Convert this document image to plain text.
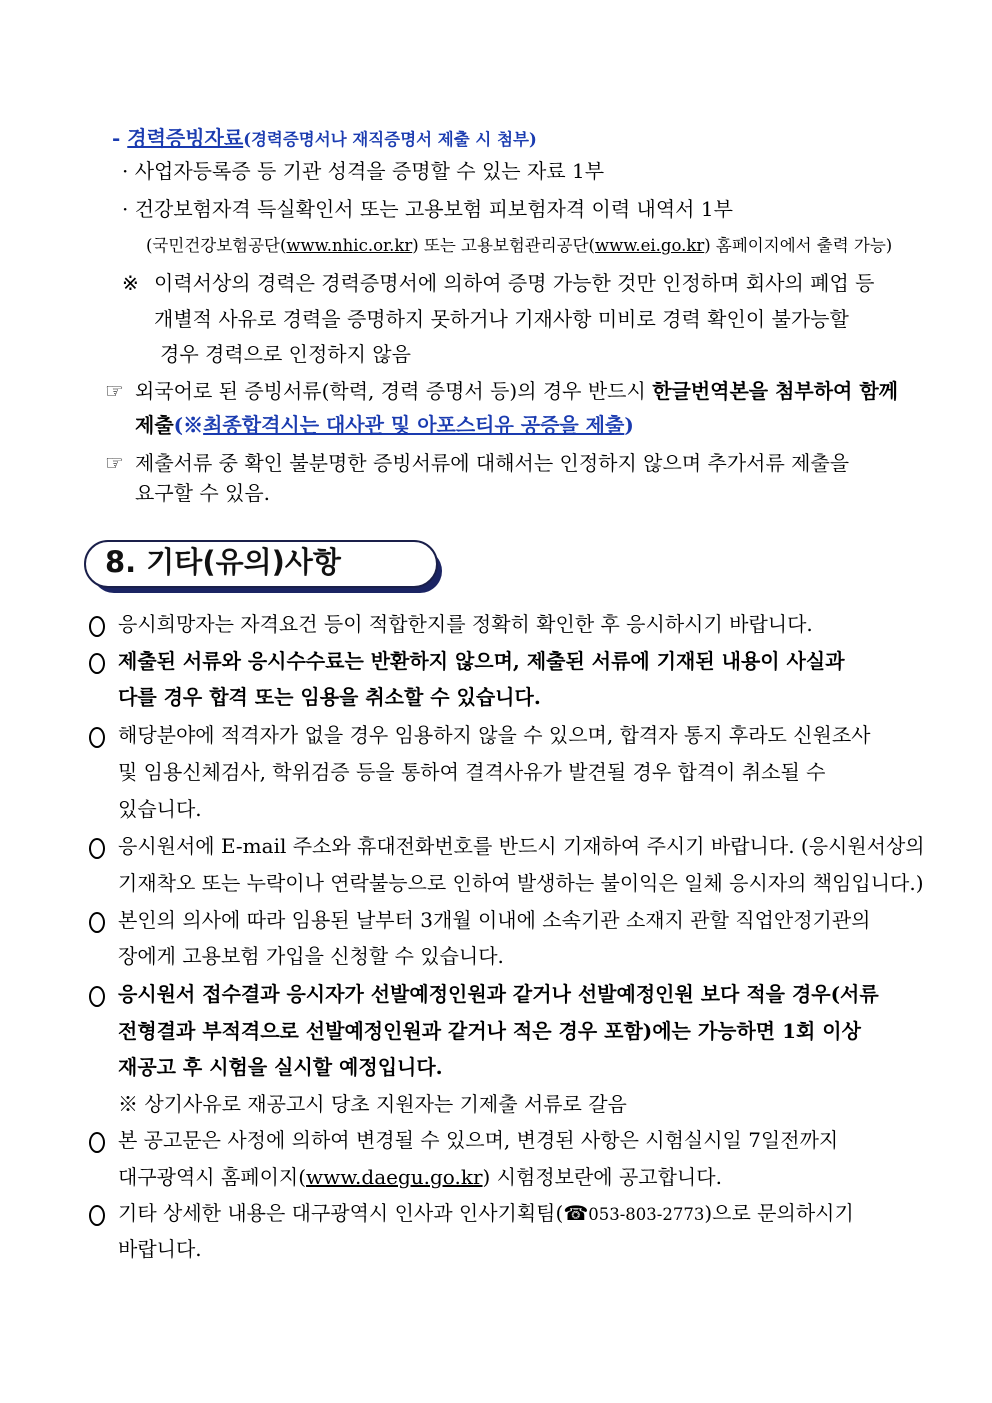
- 경력증빙자료(경력증명서나 재직증명서 제출 시 첨부)
· 사업자등록증 등 기관 성격을 증명할 수 있는 자료 1부
· 건강보험자격 득실확인서 또는 고용보험 피보험자격 이력 내역서 1부
(국민건강보험공단(www.nhic.or.kr) 또는 고용보험관리공단(www.ei.go.kr) 홈페이지에서 출력 가능)
※ 이력서상의 경력은 경력증명서에 의하여 증명 가능한 것만 인정하며 회사의 폐업 등
개별적 사유로 경력을 증명하지 못하거나 기재사항 미비로 경력 확인이 불가능할
경우 경력으로 인정하지 않음
☞ 외국어로 된 증빙서류(학력, 경력 증명서 등)의 경우 반드시 한글번역본을 첨부하여 함께
제출(※최종합격시는 대사관 및 아포스티유 공증을 제출)
☞ 제출서류 중 확인 불분명한 증빙서류에 대해서는 인정하지 않으며 추가서류 제출을
요구할 수 있음.
8. 기타(유의)사항
응시희망자는 자격요건 등이 적합한지를 정확히 확인한 후 응시하시기 바랍니다.
제출된 서류와 응시수수료는 반환하지 않으며, 제출된 서류에 기재된 내용이 사실과
다를 경우 합격 또는 임용을 취소할 수 있습니다.
해당분야에 적격자가 없을 경우 임용하지 않을 수 있으며, 합격자 통지 후라도 신원조사
및 임용신체검사, 학위검증 등을 통하여 결격사유가 발견될 경우 합격이 취소될 수
있습니다.
응시원서에 E-mail 주소와 휴대전화번호를 반드시 기재하여 주시기 바랍니다. (응시원서상의
기재착오 또는 누락이나 연락불능으로 인하여 발생하는 불이익은 일체 응시자의 책임입니다.)
본인의 의사에 따라 임용된 날부터 3개월 이내에 소속기관 소재지 관할 직업안정기관의
장에게 고용보험 가입을 신청할 수 있습니다.
응시원서 접수결과 응시자가 선발예정인원과 같거나 선발예정인원 보다 적을 경우(서류
전형결과 부적격으로 선발예정인원과 같거나 적은 경우 포함)에는 가능하면 1회 이상
재공고 후 시험을 실시할 예정입니다.
※ 상기사유로 재공고시 당초 지원자는 기제출 서류로 갈음
본 공고문은 사정에 의하여 변경될 수 있으며, 변경된 사항은 시험실시일 7일전까지
대구광역시 홈페이지(www.daegu.go.kr) 시험정보란에 공고합니다.
기타 상세한 내용은 대구광역시 인사과 인사기획팀(☎053-803-2773)으로 문의하시기
바랍니다.
